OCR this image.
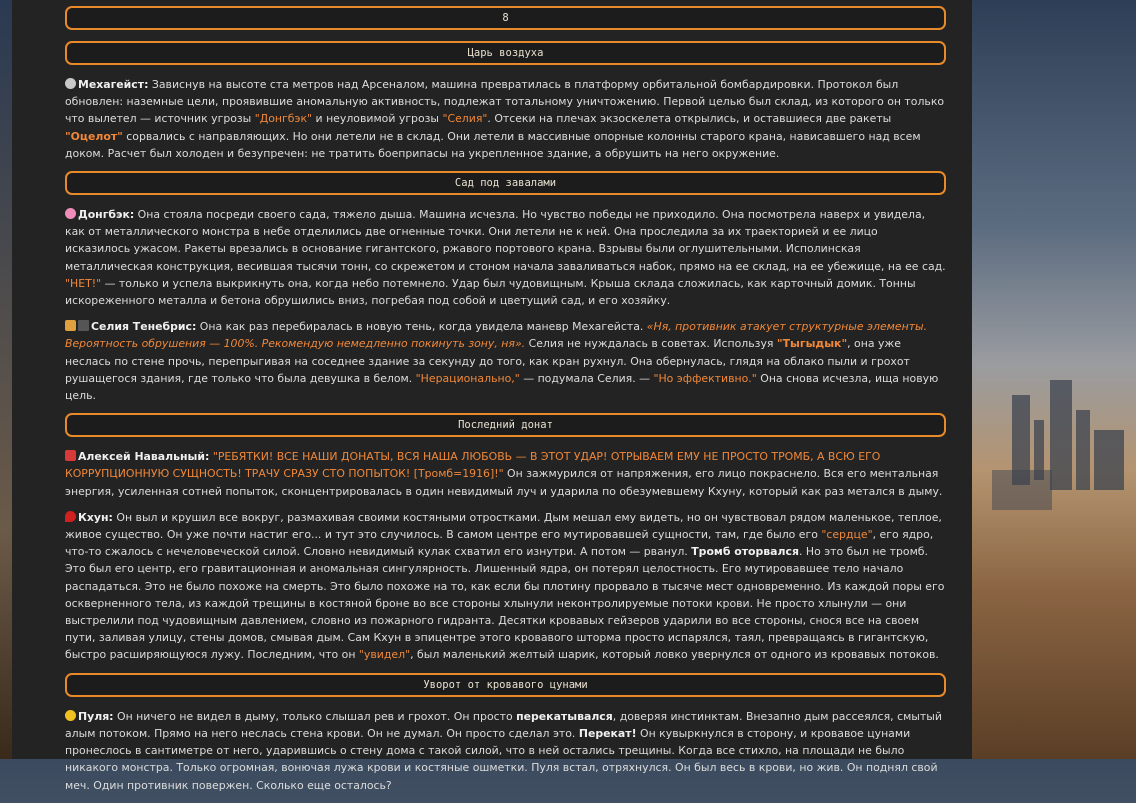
8
Царь воздуха

Мехагейст: Зависнув на высоте ста метров над Арсеналом, машина превратилась в платформу орбитальной бомбардировки. Протокол был обновлен: наземные цели, проявившие аномальную активность, подлежат тотальному уничтожению. Первой целью был склад, из которого он только что вылетел — источник угрозы "Донгбэк" и неуловимой угрозы "Селия". Отсеки на плечах экзоскелета открылись, и оставшиеся две ракеты "Оцелот" сорвались с направляющих. Но они летели не в склад. Они летели в массивные опорные колонны старого крана, нависавшего над всем доком. Расчет был холоден и безупречен: не тратить боеприпасы на укрепленное здание, а обрушить на него окружение.

Сад под завалами

Донгбэк: Она стояла посреди своего сада, тяжело дыша. Машина исчезла. Но чувство победы не приходило. Она посмотрела наверх и увидела, как от металлического монстра в небе отделились две огненные точки. Они летели не к ней. Она проследила за их траекторией и ее лицо исказилось ужасом. Ракеты врезались в основание гигантского, ржавого портового крана. Взрывы были оглушительными. Исполинская металлическая конструкция, весившая тысячи тонн, со скрежетом и стоном начала заваливаться набок, прямо на ее склад, на ее убежище, на ее сад. "НЕТ!" — только и успела выкрикнуть она, когда небо потемнело. Удар был чудовищным. Крыша склада сложилась, как карточный домик. Тонны искореженного металла и бетона обрушились вниз, погребая под собой и цветущий сад, и его хозяйку.

Селия Тенебрис: Она как раз перебиралась в новую тень, когда увидела маневр Мехагейста. «Ня, противник атакует структурные элементы. Вероятность обрушения — 100%. Рекомендую немедленно покинуть зону, ня». Селия не нуждалась в советах. Используя "Тыгыдык", она уже неслась по стене прочь, перепрыгивая на соседнее здание за секунду до того, как кран рухнул. Она обернулась, глядя на облако пыли и грохот рушащегося здания, где только что была девушка в белом. "Нерационально," — подумала Селия. — "Но эффективно." Она снова исчезла, ища новую цель.

Последний донат

Алексей Навальный: "РЕБЯТКИ! ВСЕ НАШИ ДОНАТЫ, ВСЯ НАША ЛЮБОВЬ — В ЭТОТ УДАР! ОТРЫВАЕМ ЕМУ НЕ ПРОСТО ТРОМБ, А ВСЮ ЕГО КОРРУПЦИОННУЮ СУЩНОСТЬ! ТРАЧУ СРАЗУ СТО ПОПЫТОК! [Тромб=1916]!" Он зажмурился от напряжения, его лицо покраснело. Вся его ментальная энергия, усиленная сотней попыток, сконцентрировалась в один невидимый луч и ударила по обезумевшему Кхуну, который как раз метался в дыму.

Кхун: Он выл и крушил все вокруг, размахивая своими костяными отростками. Дым мешал ему видеть, но он чувствовал рядом маленькое, теплое, живое существо. Он уже почти настиг его... и тут это случилось. В самом центре его мутировавшей сущности, там, где было его "сердце", его ядро, что-то сжалось с нечеловеческой силой. Словно невидимый кулак схватил его изнутри. А потом — рванул. Тромб оторвался. Но это был не тромб. Это был его центр, его гравитационная и аномальная сингулярность. Лишенный ядра, он потерял целостность. Его мутировавшее тело начало распадаться. Это не было похоже на смерть. Это было похоже на то, как если бы плотину прорвало в тысяче мест одновременно. Из каждой поры его оскверненного тела, из каждой трещины в костяной броне во все стороны хлынули неконтролируемые потоки крови. Не просто хлынули — они выстрелили под чудовищным давлением, словно из пожарного гидранта. Десятки кровавых гейзеров ударили во все стороны, снося все на своем пути, заливая улицу, стены домов, смывая дым. Сам Кхун в эпицентре этого кровавого шторма просто испарялся, таял, превращаясь в гигантскую, быстро расширяющуюся лужу. Последним, что он "увидел", был маленький желтый шарик, который ловко увернулся от одного из кровавых потоков.

Уворот от кровавого цунами

Пуля: Он ничего не видел в дыму, только слышал рев и грохот. Он просто перекатывался, доверяя инстинктам. Внезапно дым рассеялся, смытый алым потоком. Прямо на него неслась стена крови. Он не думал. Он просто сделал это. Перекат! Он кувыркнулся в сторону, и кровавое цунами пронеслось в сантиметре от него, ударившись о стену дома с такой силой, что в ней остались трещины. Когда все стихло, на площади не было никакого монстра. Только огромная, вонючая лужа крови и костяные ошметки. Пуля встал, отряхнулся. Он был весь в крови, но жив. Он поднял свой меч. Один противник повержен. Сколько еще осталось?
